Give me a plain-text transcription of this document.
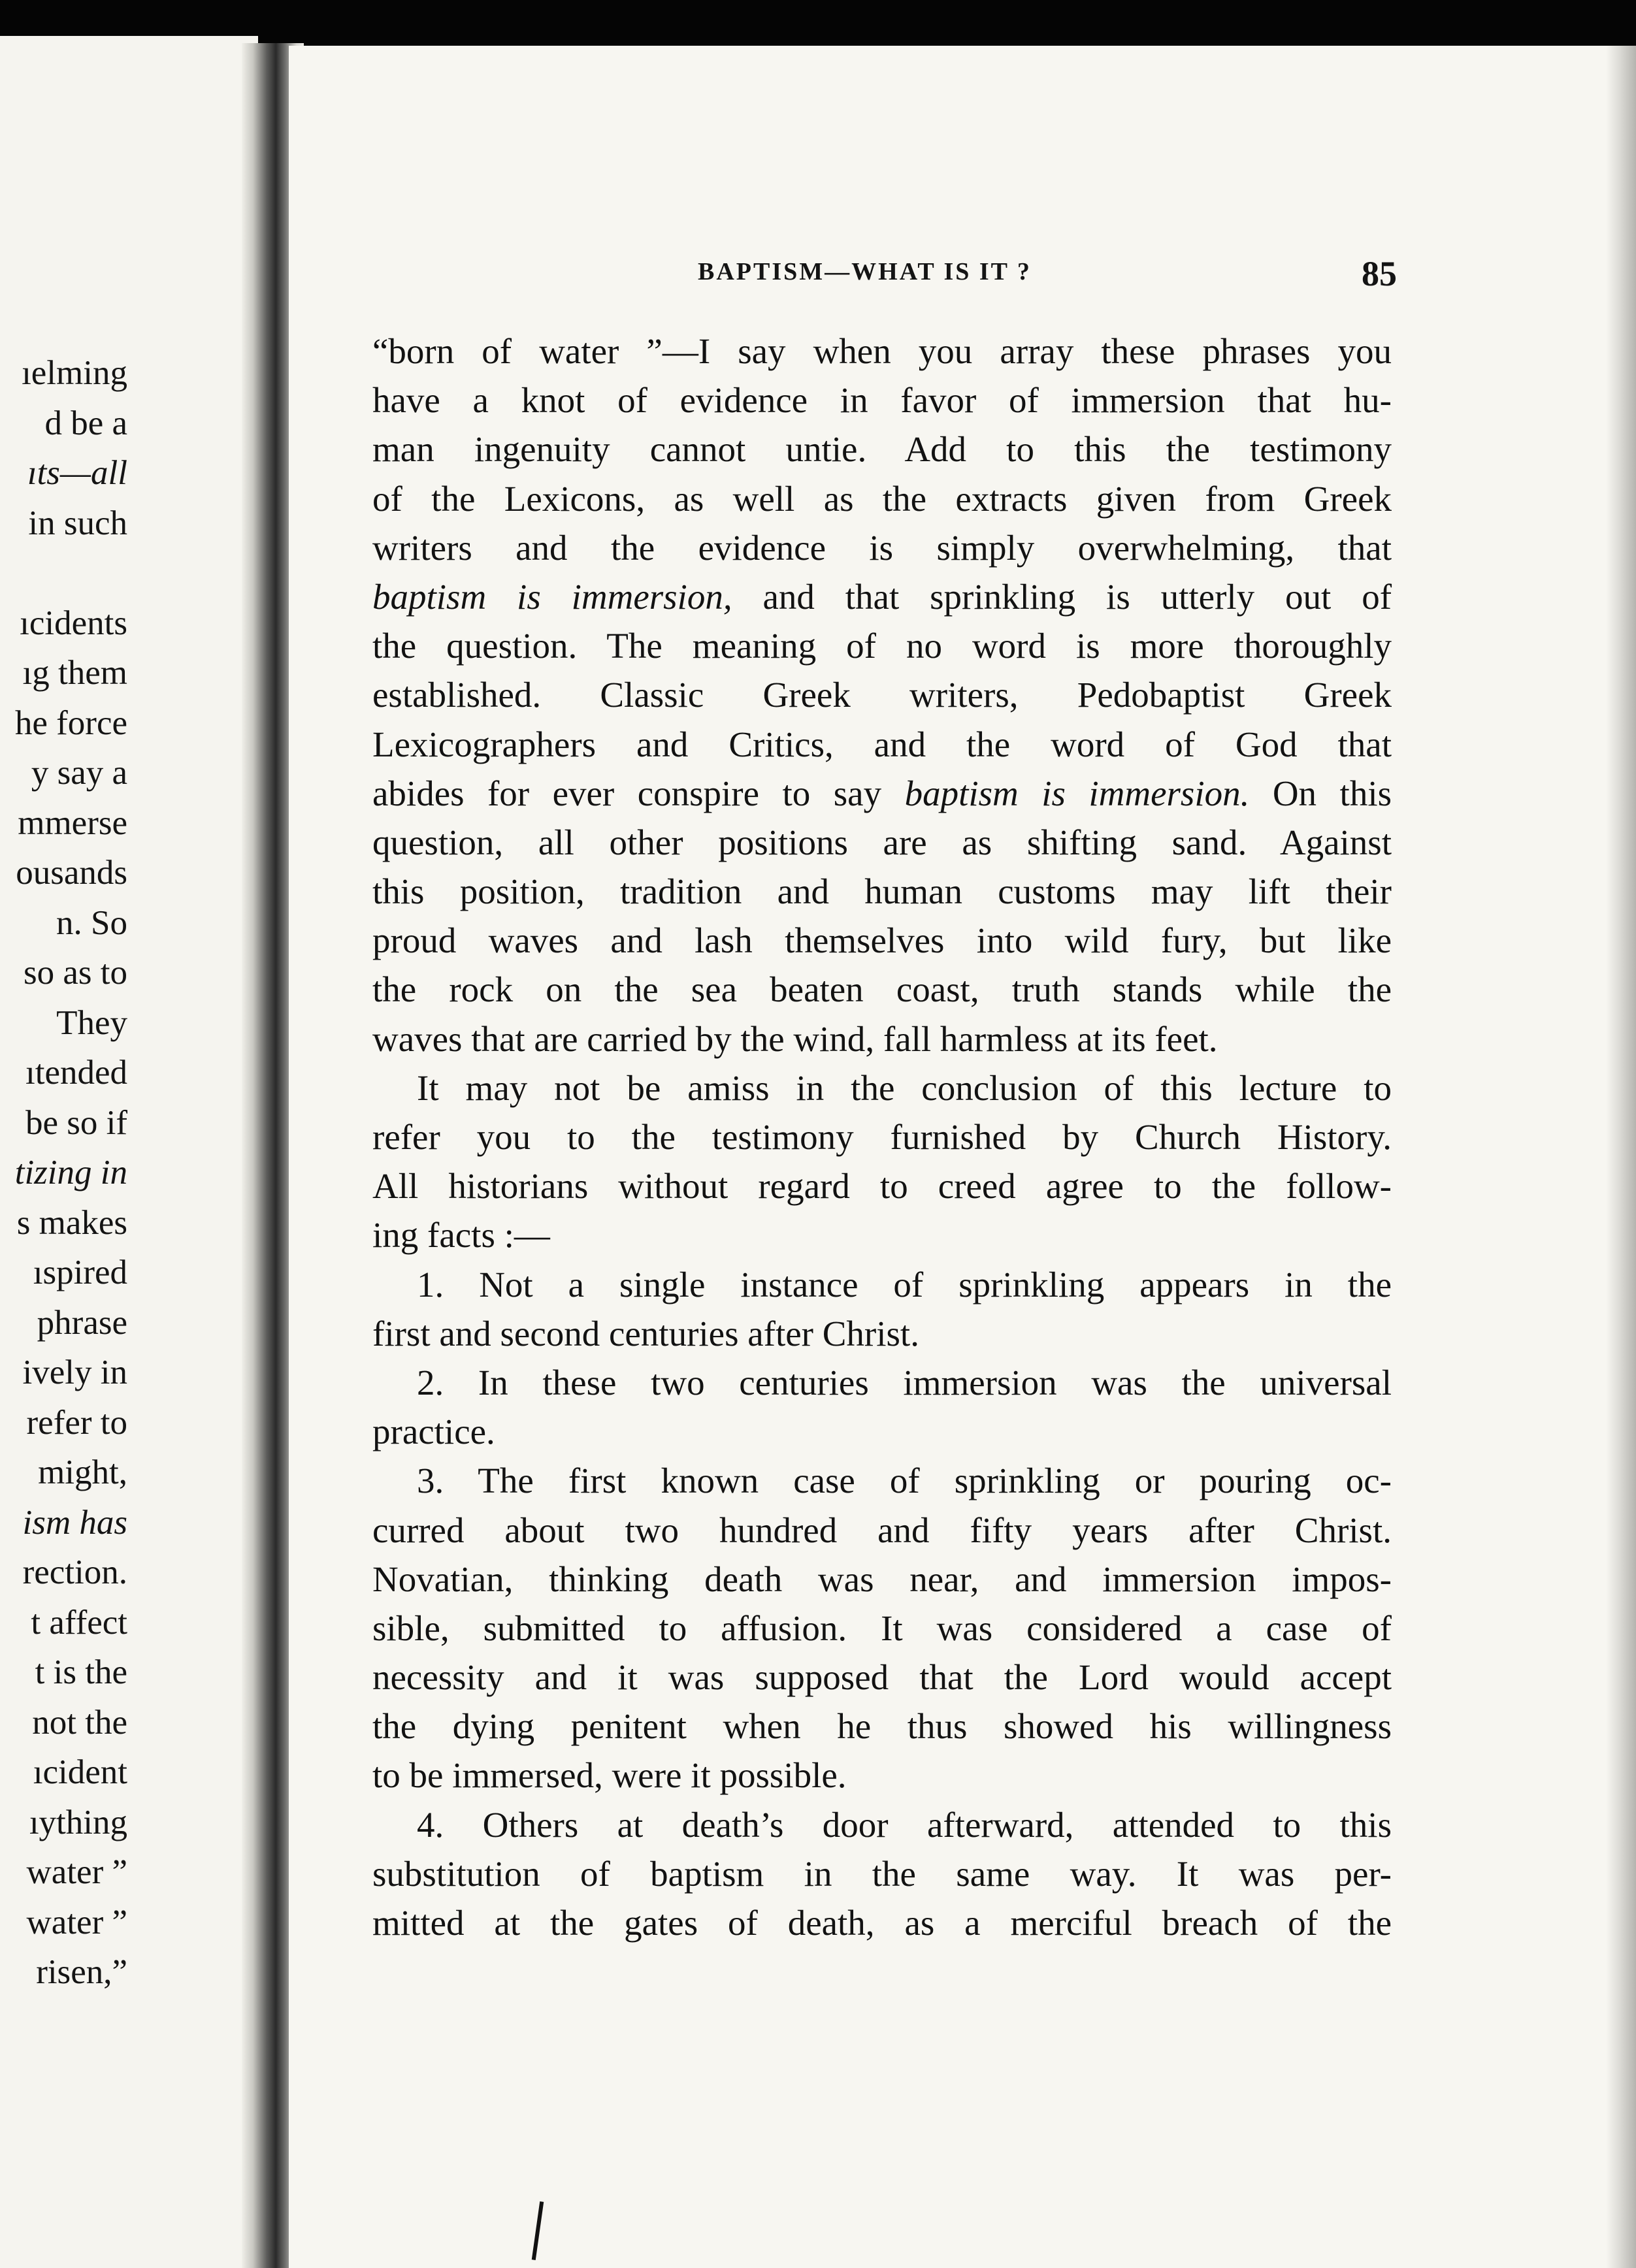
ıelming
d be a
ıts—all
in such
ıcidents
ıg them
he force
y say a
mmerse
ousands
n. So
so as to
They
ıtended
be so if
tizing in
s makes
ıspired
phrase
ively in
refer to
might,
ism has
rection.
t affect
t is the
not the
ıcident
ıything
water ”
water ”
risen,”
BAPTISM—WHAT IS IT ?	85
“born of water ”—I say when you array these phrases you
have a knot of evidence in favor of immersion that hu-
man ingenuity cannot untie. Add to this the testimony
of the Lexicons, as well as the extracts given from Greek
writers and the evidence is simply overwhelming, that
baptism is immersion, and that sprinkling is utterly out of
the question. The meaning of no word is more thoroughly
established. Classic Greek writers, Pedobaptist Greek
Lexicographers and Critics, and the word of God that
abides for ever conspire to say baptism is immersion. On this
question, all other positions are as shifting sand. Against
this position, tradition and human customs may lift their
proud waves and lash themselves into wild fury, but like
the rock on the sea beaten coast, truth stands while the
waves that are carried by the wind, fall harmless at its feet.
It may not be amiss in the conclusion of this lecture to
refer you to the testimony furnished by Church History.
All historians without regard to creed agree to the follow-
ing facts :—
1. Not a single instance of sprinkling appears in the
first and second centuries after Christ.
2. In these two centuries immersion was the universal
practice.
3. The first known case of sprinkling or pouring oc-
curred about two hundred and fifty years after Christ.
Novatian, thinking death was near, and immersion impos-
sible, submitted to affusion. It was considered a case of
necessity and it was supposed that the Lord would accept
the dying penitent when he thus showed his willingness
to be immersed, were it possible.
4. Others at death’s door afterward, attended to this
substitution of baptism in the same way. It was per-
mitted at the gates of death, as a merciful breach of the
